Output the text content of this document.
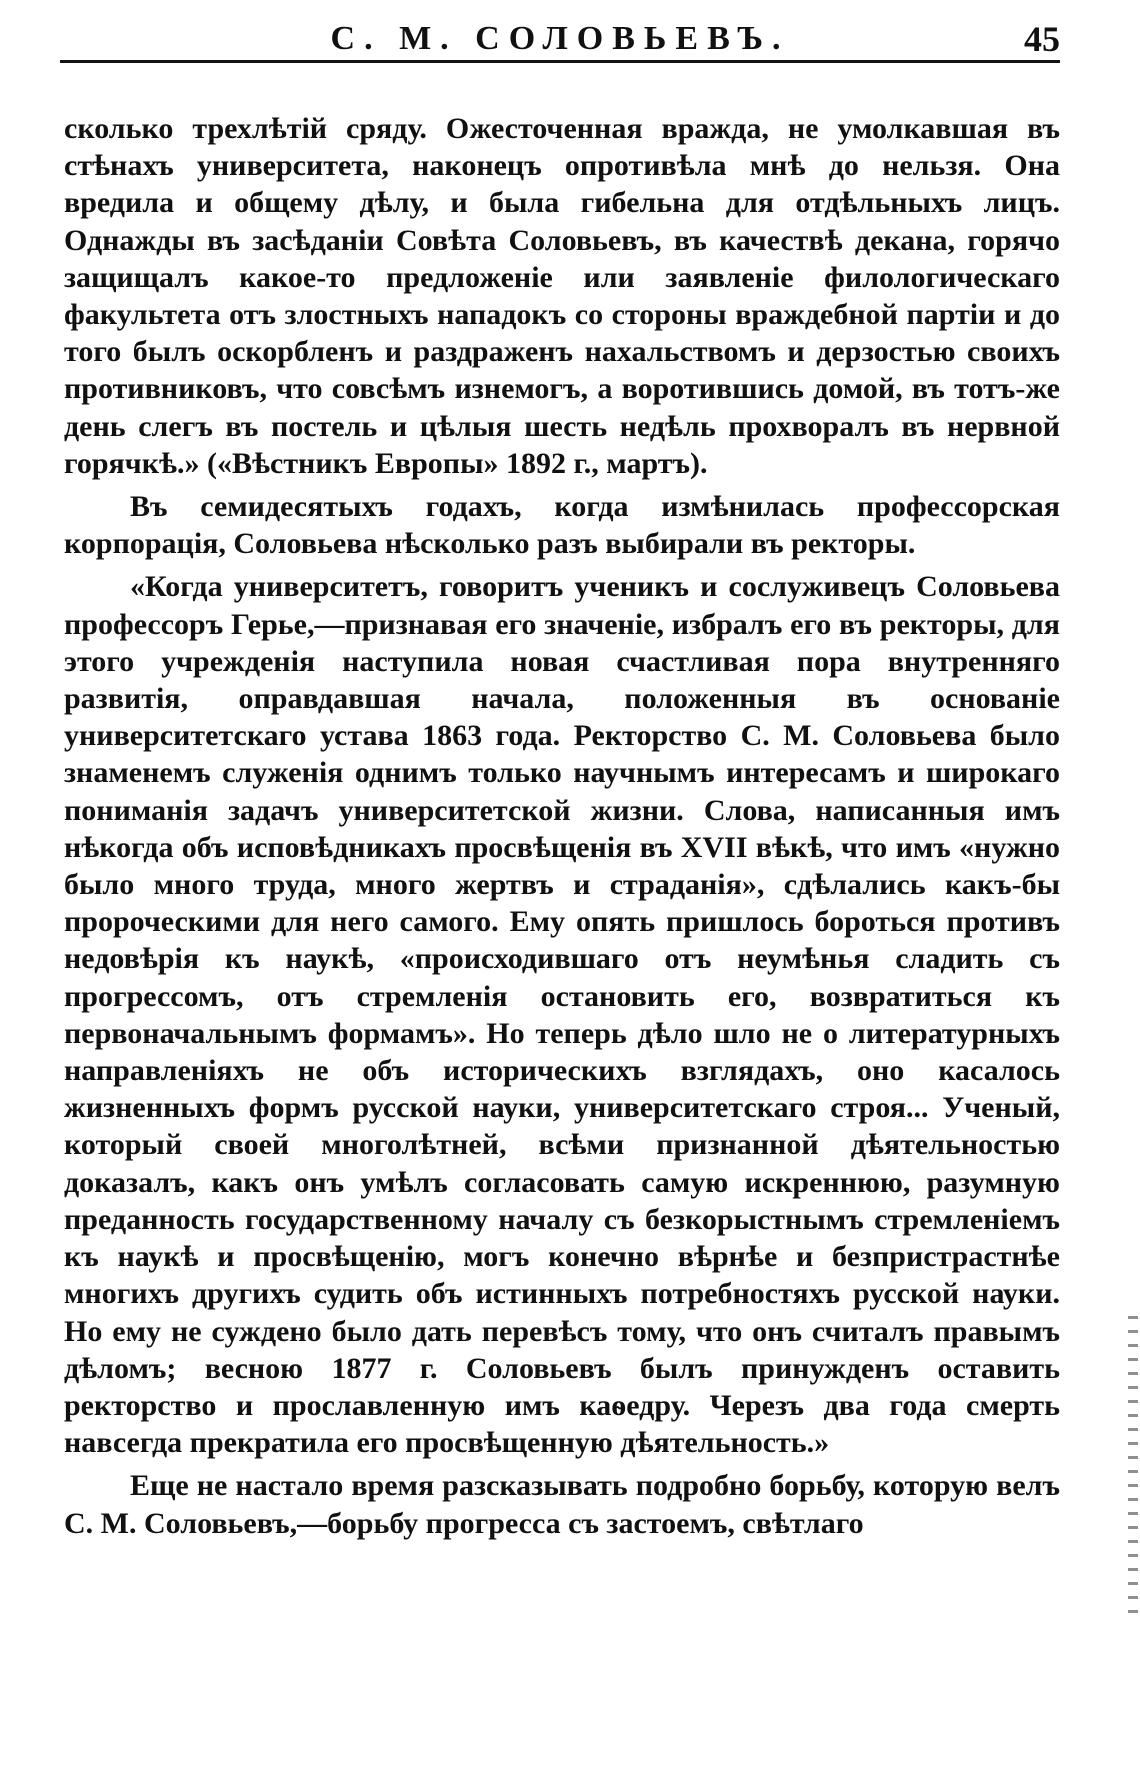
С. М. СОЛОВЬЕВЪ.	45

сколько трехлѣтій сряду. Ожесточенная вражда, не умолкавшая въ стѣнахъ университета, наконецъ опротивѣла мнѣ до нельзя. Она вредила и общему дѣлу, и была гибельна для отдѣльныхъ лицъ. Однажды въ засѣданіи Совѣта Соловьевъ, въ качествѣ декана, горячо защищалъ какое-то предложеніе или заявленіе филологическаго факультета отъ злостныхъ нападокъ со стороны враждебной партіи и до того былъ оскорбленъ и раздраженъ нахальствомъ и дерзостью своихъ противниковъ, что совсѣмъ изнемогъ, а воротившись домой, въ тотъ-же день слегъ въ постель и цѣлыя шесть недѣль прохворалъ въ нервной горячкѣ.» («Вѣстникъ Европы» 1892 г., мартъ).

Въ семидесятыхъ годахъ, когда измѣнилась профессорская корпорація, Соловьева нѣсколько разъ выбирали въ ректоры.

«Когда университетъ, говоритъ ученикъ и сослуживецъ Соловьева профессоръ Герье,—признавая его значеніе, избралъ его въ ректоры, для этого учрежденія наступила новая счастливая пора внутренняго развитія, оправдавшая начала, положенныя въ основаніе университетскаго устава 1863 года. Ректорство С. М. Соловьева было знаменемъ служенія однимъ только научнымъ интересамъ и широкаго пониманія задачъ университетской жизни. Слова, написанныя имъ нѣкогда объ исповѣдникахъ просвѣщенія въ XVII вѣкѣ, что имъ «нужно было много труда, много жертвъ и страданія», сдѣлались какъ-бы пророческими для него самого. Ему опять пришлось бороться противъ недовѣрія къ наукѣ, «происходившаго отъ неумѣнья сладить съ прогрессомъ, отъ стремленія остановить его, возвратиться къ первоначальнымъ формамъ». Но теперь дѣло шло не о литературныхъ направленіяхъ не объ историческихъ взглядахъ, оно касалось жизненныхъ формъ русской науки, университетскаго строя... Ученый, который своей многолѣтней, всѣми признанной дѣятельностью доказалъ, какъ онъ умѣлъ согласовать самую искреннюю, разумную преданность государственному началу съ безкорыстнымъ стремленіемъ къ наукѣ и просвѣщенію, могъ конечно вѣрнѣе и безпристрастнѣе многихъ другихъ судить объ истинныхъ потребностяхъ русской науки. Но ему не суждено было дать перевѣсъ тому, что онъ считалъ правымъ дѣломъ; весною 1877 г. Соловьевъ былъ принужденъ оставить ректорство и прославленную имъ каѳедру. Черезъ два года смерть навсегда прекратила его просвѣщенную дѣятельность.»

Еще не настало время разсказывать подробно борьбу, которую велъ С. М. Соловьевъ,—борьбу прогресса съ застоемъ, свѣтлаго
